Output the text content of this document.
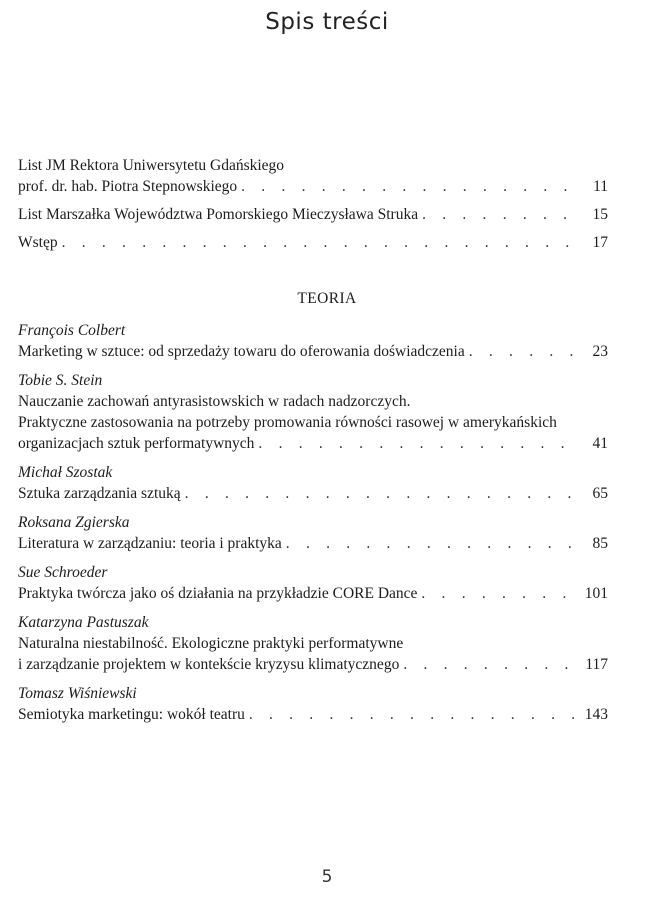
Spis treści
List JM Rektora Uniwersytetu Gdańskiego
prof. dr. hab. Piotra Stepnowskiego . . .	11
List Marszałka Województwa Pomorskiego Mieczysława Struka . . .	15
Wstęp . . .	17
TEORIA
François Colbert
Marketing w sztuce: od sprzedaży towaru do oferowania doświadczenia . . .	23
Tobie S. Stein
Nauczanie zachowań antyrasistowskich w radach nadzorczych.
Praktyczne zastosowania na potrzeby promowania równości rasowej w amerykańskich
organizacjach sztuk performatywnych . . .	41
Michał Szostak
Sztuka zarządzania sztuką . . .	65
Roksana Zgierska
Literatura w zarządzaniu: teoria i praktyka . . .	85
Sue Schroeder
Praktyka twórcza jako oś działania na przykładzie CORE Dance . . .	101
Katarzyna Pastuszak
Naturalna niestabilność. Ekologiczne praktyki performatywne
i zarządzanie projektem w kontekście kryzysu klimatycznego . . .	117
Tomasz Wiśniewski
Semiotyka marketingu: wokół teatru . . .	143
5
